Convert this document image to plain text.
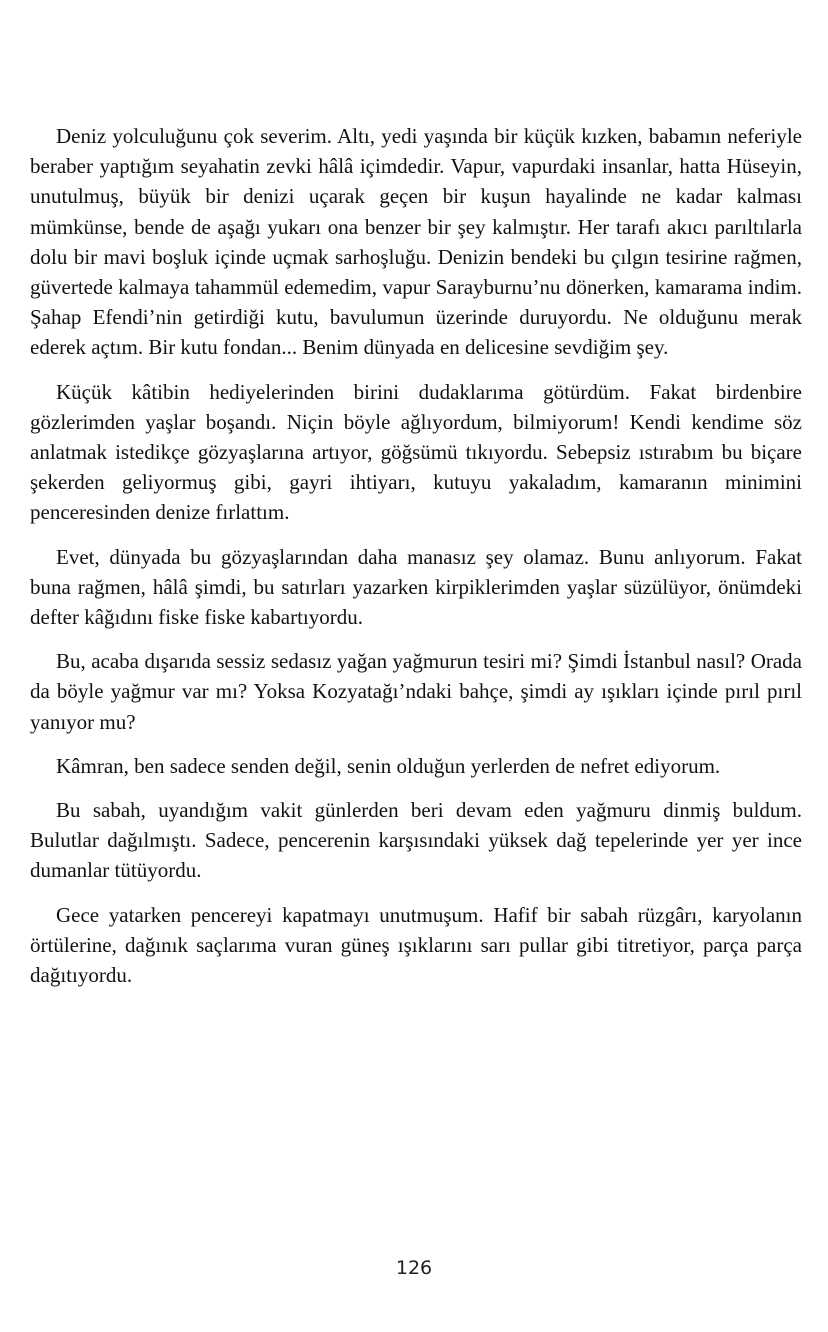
Deniz yolculuğunu çok severim. Altı, yedi yaşında bir küçük kızken, babamın neferiyle beraber yaptığım seyahatin zevki hâlâ içimdedir. Vapur, vapurdaki insanlar, hatta Hüseyin, unutulmuş, büyük bir denizi uçarak geçen bir kuşun hayalinde ne kadar kalması mümkünse, bende de aşağı yukarı ona benzer bir şey kalmıştır. Her tarafı akıcı parıltılarla dolu bir mavi boşluk içinde uçmak sarhoşluğu. Denizin bendeki bu çılgın tesirine rağmen, güvertede kalmaya tahammül edemedim, vapur Sarayburnu’nu dönerken, kamarama indim. Şahap Efendi’nin getirdiği kutu, bavulumun üzerinde duruyordu. Ne olduğunu merak ederek açtım. Bir kutu fondan... Benim dünyada en delicesine sevdiğim şey.

Küçük kâtibin hediyelerinden birini dudaklarıma götürdüm. Fakat birdenbire gözlerimden yaşlar boşandı. Niçin böyle ağlıyordum, bilmiyorum! Kendi kendime söz anlatmak istedikçe gözyaşlarına artıyor, göğsümü tıkıyordu. Sebepsiz ıstırabım bu biçare şekerden geliyormuş gibi, gayri ihtiyarı, kutuyu yakaladım, kamaranın minimini penceresinden denize fırlattım.

Evet, dünyada bu gözyaşlarından daha manasız şey olamaz. Bunu anlıyorum. Fakat buna rağmen, hâlâ şimdi, bu satırları yazarken kirpiklerimden yaşlar süzülüyor, önümdeki defter kâğıdını fiske fiske kabartıyordu.

Bu, acaba dışarıda sessiz sedasız yağan yağmurun tesiri mi? Şimdi İstanbul nasıl? Orada da böyle yağmur var mı? Yoksa Kozyatağı’ndaki bahçe, şimdi ay ışıkları içinde pırıl pırıl yanıyor mu?

Kâmran, ben sadece senden değil, senin olduğun yerlerden de nefret ediyorum.

Bu sabah, uyandığım vakit günlerden beri devam eden yağmuru dinmiş buldum. Bulutlar dağılmıştı. Sadece, pencerenin karşısındaki yüksek dağ tepelerinde yer yer ince dumanlar tütüyordu.

Gece yatarken pencereyi kapatmayı unutmuşum. Hafif bir sabah rüzgârı, karyolanın örtülerine, dağınık saçlarıma vuran güneş ışıklarını sarı pullar gibi titretiyor, parça parça dağıtıyordu.

126
